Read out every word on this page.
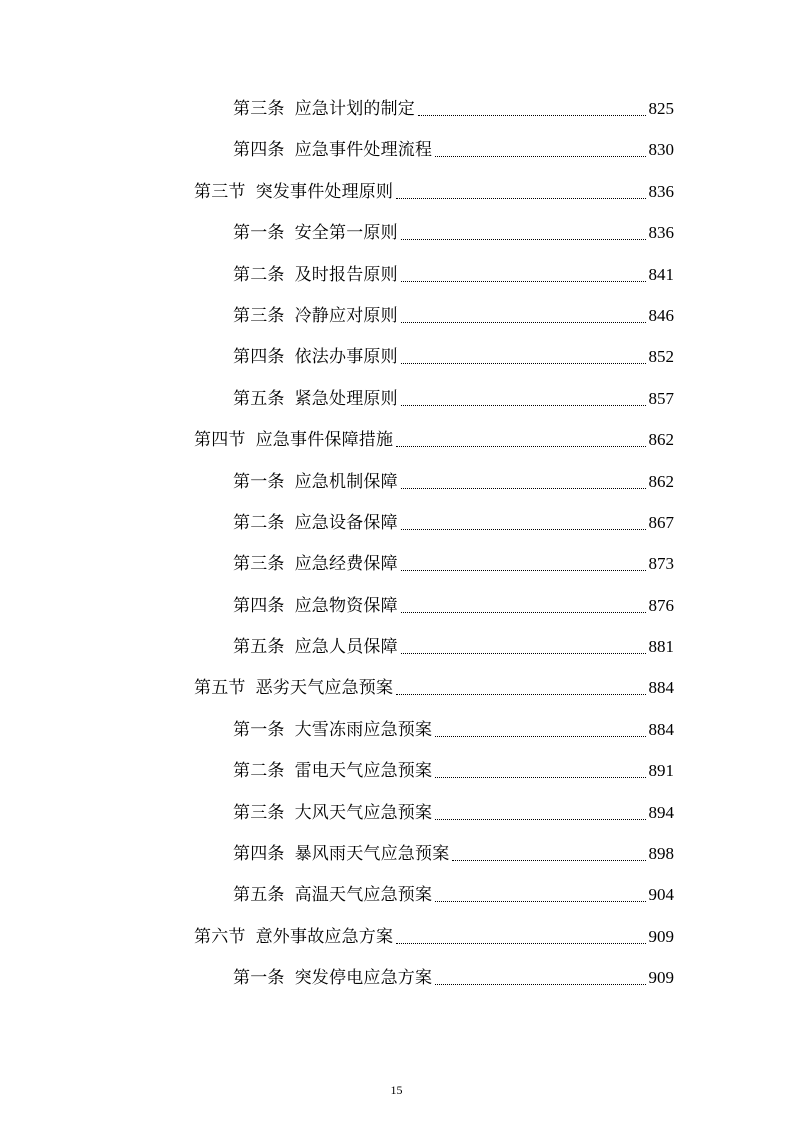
第三条 应急计划的制定	825
第四条 应急事件处理流程	830
第三节 突发事件处理原则	836
第一条 安全第一原则	836
第二条 及时报告原则	841
第三条 冷静应对原则	846
第四条 依法办事原则	852
第五条 紧急处理原则	857
第四节 应急事件保障措施	862
第一条 应急机制保障	862
第二条 应急设备保障	867
第三条 应急经费保障	873
第四条 应急物资保障	876
第五条 应急人员保障	881
第五节 恶劣天气应急预案	884
第一条 大雪冻雨应急预案	884
第二条 雷电天气应急预案	891
第三条 大风天气应急预案	894
第四条 暴风雨天气应急预案	898
第五条 高温天气应急预案	904
第六节 意外事故应急方案	909
第一条 突发停电应急方案	909
15
